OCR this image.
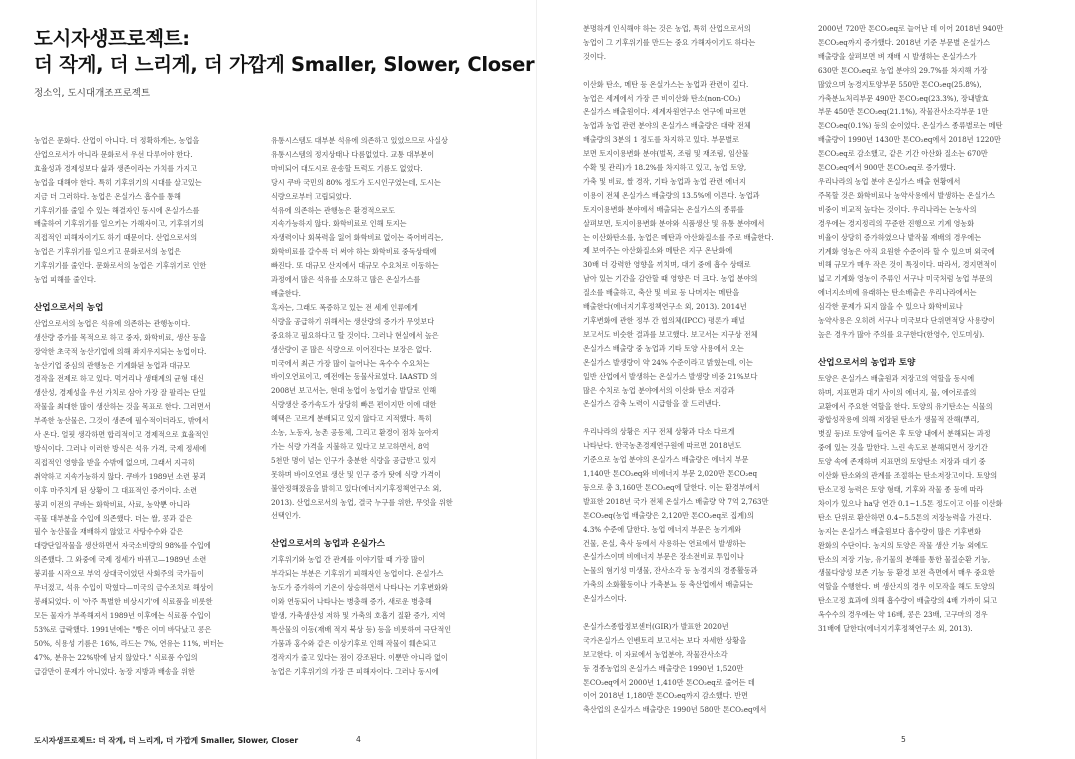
도시자생프로젝트:
더 작게, 더 느리게, 더 가깝게 Smaller, Slower, Closer
정소익, 도시대개조프로젝트

농업은 문화다. 산업이 아니다. 더 정확하게는, 농업을

산업으로서가 아니라 문화로서 우선 다루어야 한다.

효율성과 경제성보다 삶과 생존이라는 가치를 가지고

농업을 대해야 한다. 특히 기후위기의 시대를 살고있는

지금 더 그러하다. 농업은 온실가스 흡수를 통해

기후위기를 줄일 수 있는 해결자인 동시에 온실가스를

배출하여 기후위기를 일으키는 가해자이고, 기후위기의

직접적인 피해자이기도 하기 때문이다. 산업으로서의

농업은 기후위기를 일으키고 문화로서의 농업은

기후위기를 줄인다. 문화로서의 농업은 기후위기로 인한

농업 피해를 줄인다.

산업으로서의 농업

산업으로서의 농업은 석유에 의존하는 관행농이다.

생산량 증가를 목적으로 하고 중자, 화학비료, 생산 등을

장악한 초국적 농산기업에 의해 좌지우지되는 농업이다.

농산기업 중심의 관행농은 기계화된 농업과 대규모

경작을 전제로 하고 있다. 먹거리나 생태계의 균형 대신

생산성, 경제성을 우선 가치로 삼아 가장 잘 팔리는 단일

작물을 최대한 많이 생산하는 것을 목표로 한다. 그러면서

부족한 농산물은, 그것이 생존에 필수적이더라도, 밖에서

사 온다. 얼핏 생각하면 합리적이고 경제적으로 효율적인

방식이다. 그러나 이러한 방식은 석유 가격, 국제 정세에

직접적인 영향을 받을 수밖에 없으며, 그래서 지극히

취약하고 지속가능하지 않다. 쿠바가 1989년 소련 붕괴

이후 마주치게 된 상황이 그 대표적인 증거이다. 소련

붕괴 이전의 쿠바는 화학비료, 사료, 농약뿐 아니라

곡물 대부분을 수입에 의존했다. 더는 쌀, 콩과 같은

필수 농산물을 재배하지 않았고 사탕수수와 같은

대량단일작물을 생산하면서 자국소비량의 98%를 수입에

의존했다. 그 와중에 국제 정세가 바뀌고—1989년 소련

붕괴를 시작으로 부억 상대국이었던 사회주의 국가들이

무너졌고, 석유 수입이 막혔다—미국의 금수조치로 해상이

봉쇄되었다. 이 '아주 특별한 비상시기'에 식료품을 비롯한

모든 물자가 부족해져서 1989년 이후에는 식료품 수입이

53%로 급락했다. 1991년에는 "빵은 이미 바닥났고 콩은

50%, 식용성 기름은 16%, 라드는 7%, 연유는 11%, 버터는

47%, 분유는 22%밖에 남지 않았다." 식료품 수입의

급감만이 문제가 아니었다. 농장 지방과 배송을 위한

유통시스템도 대부분 석유에 의존하고 있었으므로 사실상

유통시스템의 정지상태나 다름없었다. 교통 대부분이

마비되어 대도시로 운송할 트럭도 기름도 없었다.

당시 쿠바 국민의 80% 정도가 도시인구였는데, 도시는

식량으로부터 고립되었다.

석유에 의존하는 관행농은 환경적으로도

지속가능하지 않다. 화학비료로 인해 토지는

자생력이나 회복력을 잃어 화학비료 없이는 죽어버리는,

화학비료를 갈수록 더 써야 하는 화학비료 중독상태에

빠진다. 또 대규모 산지에서 대규모 수요처로 이동하는

과정에서 많은 석유를 소모하고 많은 온실가스를

배출한다.

흑자는, 그래도 폭증하고 있는 전 세계 인류에게

식량을 공급하기 위해서는 생산량의 증가가 무엇보다

중요하고 필요하다고 할 것이다. 그러나 현실에서 높은

생산량이 곧 많은 식량으로 이어진다는 보장은 없다.

미국에서 최근 가장 많이 늘어나는 옥수수 수요처는

바이오연료이고, 예전에는 동물사료였다. IAASTD 의

2008년 보고서는, 현대 농업이 농업기술 발달로 인해

식량생산 증가속도가 상당히 빠른 편이지만 이에 대한

혜택은 고르게 분배되고 있지 않다고 지적했다. 특히

소농, 노동자, 농촌 공동체, 그리고 환경이 점차 높아져

가는 식량 가격을 지불하고 있다고 보고하면서, 8억

5천만 명이 넘는 인구가 충분한 식량을 공급받고 있지

못하며 바이오연료 생산 및 인구 증가 탓에 식량 가격이

불안정해졌음을 밝히고 있다(에너지기후정책연구소 외,

2013). 산업으로서의 농업, 결국 누구를 위한, 무엇을 위한

선택인가.

산업으로서의 농업과 온실가스

기후위기와 농업 간 관계를 이야기할 때 가장 많이

부각되는 부분은 기후위기 피해자인 농업이다. 온실가스

농도가 증가하여 기온이 상승하면서 나타나는 기후변화와

이와 연동되어 나타나는 병충해 증가, 새로운 병충해

발생, 가축생산성 저하 및 가축의 호흡기 질환 증가, 지역

특산물의 이동(재배 적지 북상 등) 등을 비롯하여 극단적인

가뭄과 홍수와 같은 이상기후로 인해 작물이 훼손되고

경작지가 줄고 있다는 점이 강조된다. 이뿐만 아니라 없이

농업은 기후위기의 가장 큰 피해자이다. 그러나 동시에

도시자생프로젝트: 더 작게, 더 느리게, 더 가깝게 Smaller, Slower, Closer	4

분명하게 인식해야 하는 것은 농업, 특히 산업으로서의

농업이 그 기후위기를 만드는 중요 가해자이기도 하다는

것이다.

이산화 탄소, 메탄 등 온실가스는 농업과 관련이 깊다.

농업은 세계에서 가장 큰 비이산화 탄소(non-CO₂)

온실가스 배출원이다. 세계자원연구소 연구에 따르면

농업과 농업 관련 분야의 온실가스 배출량은 대략 전체

배출량의 3분의 1 정도를 차지하고 있다. 부문별로

보면 토지이용변화 분야(벌목, 조림 및 재조림, 임산물

수확 및 관리)가 18.2%를 차지하고 있고, 농업 토양,

가축 및 비료, 쌀 경작, 기타 농업과 농업 관련 에너지

이용이 전체 온실가스 배출량의 13.5%에 이른다. 농업과

토지이용변화 분야에서 배출되는 온실가스의 종류를

살펴보면, 토지이용변화 분야와 식품생산 및 유통 분야에서

는 이산화탄소를, 농업은 메탄과 아산화질소를 주로 배출한다.

제 보여주는 아산화질소와 메탄은 지구 온난화에

30배 더 강력한 영향을 끼치며, 대기 중에 흡수 상태로

남아 있는 기간을 감안할 때 영향은 더 크다. 농업 분야의

질소를 배출하고, 축산 및 비료 등 나머지는 메탄을

배출한다(에너지기후정책연구소 외, 2013). 2014년

기후변화에 관한 정부 간 협의체(IPCC) 평론가 패널

보고서도 비슷한 결과를 보고했다. 보고서는 지구상 전체

온실가스 배출량 중 농업과 기타 토양 사용에서 오는

온실가스 발생량이 약 24% 수준이라고 밝혔는데, 이는

일반 산업에서 발생하는 온실가스 발생량 비중 21%보다

많은 수치로 농업 분야에서의 이산화 탄소 저감과

온실가스 감축 노력이 시급함을 잘 드러낸다.

우리나라의 상황은 지구 전체 상황과 다소 다르게

나타난다. 한국농촌경제연구원에 따르면 2018년도

기준으로 농업 분야의 온실가스 배출량은 에너지 부문

1,140만 톤CO₂eq와 비에너지 부문 2,020만 톤CO₂eq

등으로 총 3,160만 톤CO₂eq에 달한다. 이는 환경부에서

발표한 2018년 국가 전체 온실가스 배출량 약 7억 2,763만

톤CO₂eq(농업 배출량은 2,120만 톤CO₂eq로 집계)의

4.3% 수준에 달한다. 농업 에너지 부문은 농기계와

건물, 온실, 축사 등에서 사용하는 연료에서 발생하는

온실가스이며 비에너지 부문은 장소전비료 투입이나

논물의 혐기성 미생물, 잔사소각 등 농경지의 경종활동과

가축의 소화활동이나 가축분뇨 등 축산업에서 배출되는

온실가스이다.

온실가스종합정보센터(GIR)가 발표한 2020년

국가온실가스 인벤토리 보고서는 보다 자세한 상황을

보고한다. 이 자료에서 농업분야, 작물잔사소각

등 경종농업의 온실가스 배출량은 1990년 1,520만

톤CO₂eq에서 2000년 1,410만 톤CO₂eq로 줄어든 데

이어 2018년 1,180만 톤CO₂eq까지 감소했다. 반면

축산업의 온실가스 배출량은 1990년 580만 톤CO₂eq에서

2000년 720만 톤CO₂eq로 늘어난 데 이어 2018년 940만

톤CO₂eq까지 증가했다. 2018년 기준 부문별 온실가스

배출량을 살펴보면 벼 재배 시 발생하는 온실가스가

630만 톤CO₂eq로 농업 분야의 29.7%를 차지해 가장

많았으며 농경지토양부문 550만 톤CO₂eq(25.8%),

가축분뇨처리부문 490만 톤CO₂eq(23.3%), 장내발효

부문 450만 톤CO₂eq(21.1%), 작물잔사소각부문 1만

톤CO₂eq(0.1%) 등의 순이었다. 온실가스 종류별로는 메탄

배출량이 1990년 1430만 톤CO₂eq에서 2018년 1220만

톤CO₂eq로 감소했고, 같은 기간 아산화 질소는 670만

톤CO₂eq에서 900만 톤CO₂eq로 증가했다.

우리나라의 농업 분야 온실가스 배출 현황에서

주목할 것은 화학비료나 농약사용에서 발생하는 온실가스

비중이 비교적 높다는 것이다. 우리나라는 논농사의

경우에는 경지정리의 꾸준한 진행으로 기계 영농화

비율이 상당히 증가하였으나 밭작물 재배의 경우에는

기계화 영농은 아직 요원한 수준이라 할 수 있으며 외국에

비해 규모가 매우 작은 것이 특징이다. 따라서, 경지면적이

넓고 기계화 영농이 주류인 서구나 미국처럼 농업 부문의

에너지소비에 유래하는 탄소배출은 우리나라에서는

심각한 문제가 되지 않을 수 있으나 화학비료나

농약사용은 오히려 서구나 미국보다 단위면적당 사용량이

높은 경우가 많아 주의를 요구한다(한영수, 인도미싱).

산업으로서의 농업과 토양

토양은 온실가스 배출원과 저장고의 역할을 동시에

하며, 지표면과 대기 사이의 에너지, 물, 에어로졸의

교환에서 주요한 역할을 한다. 토양의 유기탄소는 식물의

광합성작용에 의해 저장된 탄소가 생물적 잔해(뿌리,

볏짚 등)로 토양에 들어온 후 토양 내에서 분해되는 과정

중에 있는 것을 말한다. 느린 속도로 분해되면서 장기간

토양 속에 존재하며 지표면의 토양탄소 저장과 대기 중

이산화 탄소와의 관계를 조절하는 탄소저장고이다. 토양의

탄소고정 능력은 토양 형태, 기후와 작물 종 등에 따라

차이가 있으나 ha당 연간 0.1~1.5톤 정도이고 이를 이산화

탄소 단위로 환산하면 0.4~5.5톤의 저장능력을 가진다.

농지는 온실가스 배출원보다 흡수량이 많은 기후변화

완화의 수단이다. 농지의 토양은 작물 생산 기능 외에도

탄소의 저장 기능, 유기물의 분해를 통한 물질순환 기능,

생물다양성 보존 기능 등 환경 보전 측면에서 매우 중요한

역할을 수행한다. 벼 생산지의 경우 이모작을 해도 토양의

탄소고정 효과에 의해 흡수량이 배출량의 4배 가까이 되고

옥수수의 경우에는 약 16배, 콩은 23배, 고구마의 경우

31배에 달한다(에너지기후정책연구소 외, 2013).

5
